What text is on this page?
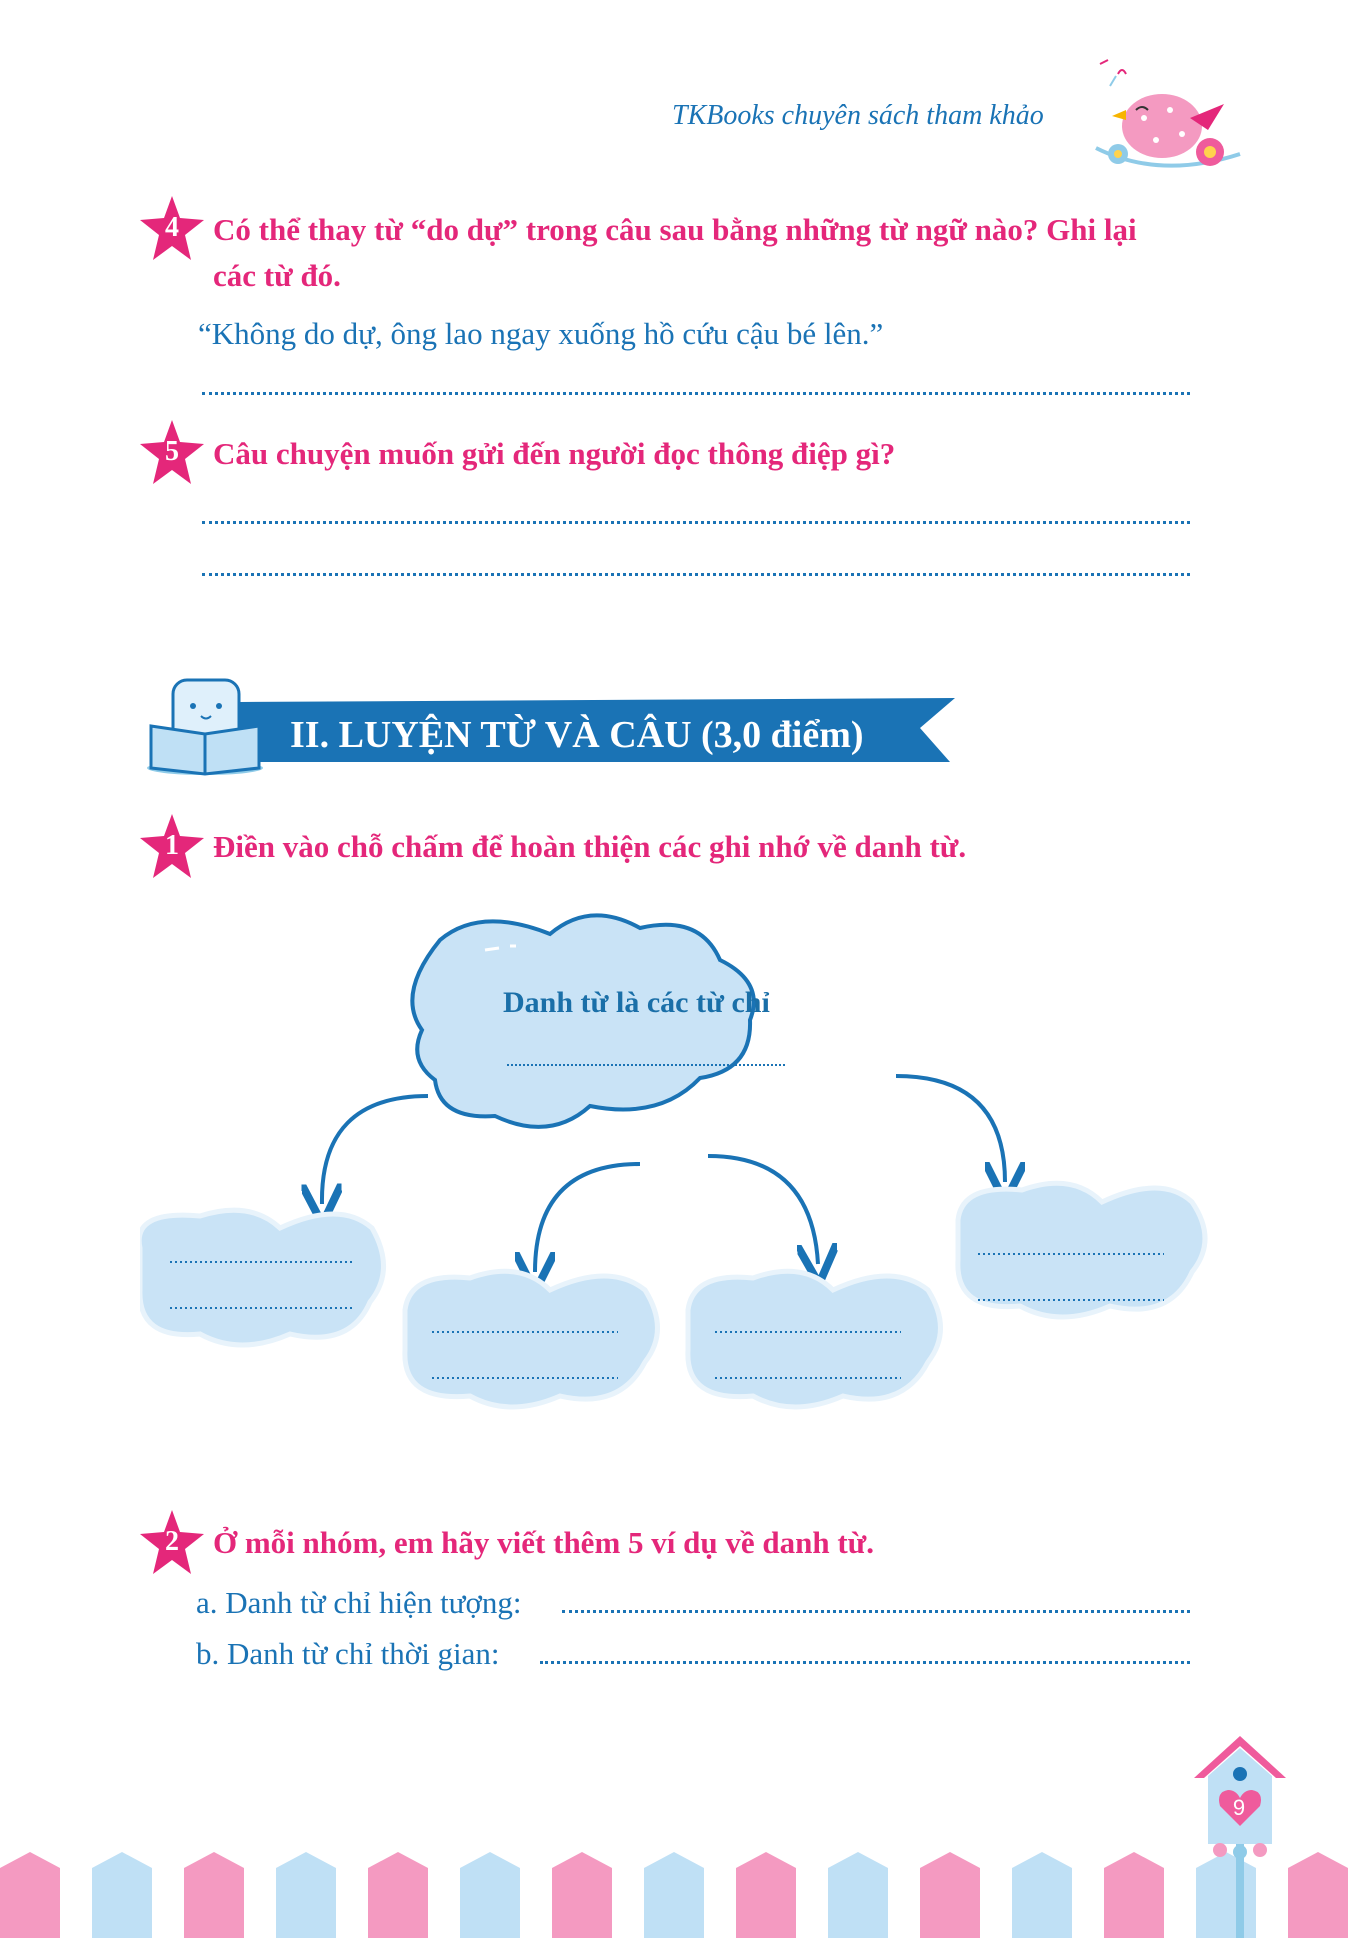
TKBooks chuyên sách tham khảo
4	Có thể thay từ “do dự” trong câu sau bằng những từ ngữ nào? Ghi lại
các từ đó.
“Không do dự, ông lao ngay xuống hồ cứu cậu bé lên.”
5	Câu chuyện muốn gửi đến người đọc thông điệp gì?
II. LUYỆN TỪ VÀ CÂU (3,0 điểm)
1	Điền vào chỗ chấm để hoàn thiện các ghi nhớ về danh từ.
Danh từ là các từ chỉ
2	Ở mỗi nhóm, em hãy viết thêm 5 ví dụ về danh từ.
a. Danh từ chỉ hiện tượng:
b. Danh từ chỉ thời gian:
9
